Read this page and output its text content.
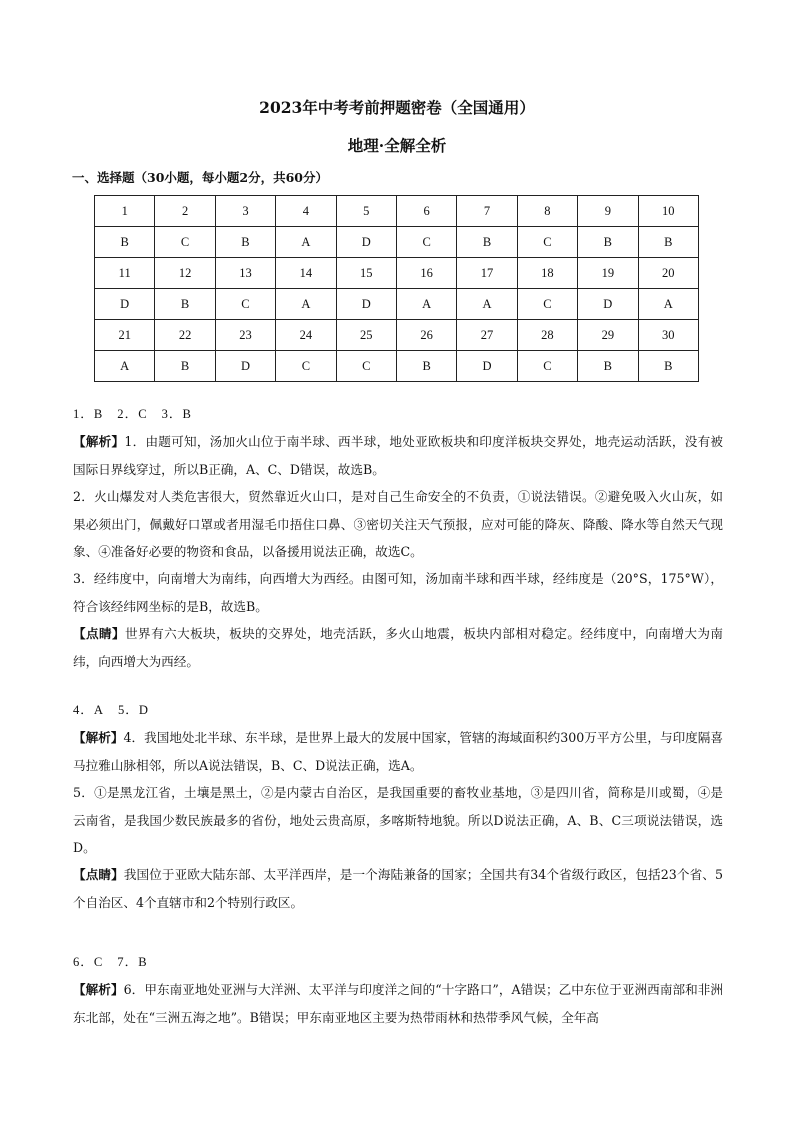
2023年中考考前押题密卷（全国通用）
地理·全解全析
一、选择题（30小题，每小题2分，共60分）
1	2	3	4	5	6	7	8	9	10
B	C	B	A	D	C	B	C	B	B
11	12	13	14	15	16	17	18	19	20
D	B	C	A	D	A	A	C	D	A
21	22	23	24	25	26	27	28	29	30
A	B	D	C	C	B	D	C	B	B

1．B 2．C 3．B

【解析】1．由题可知，汤加火山位于南半球、西半球，地处亚欧板块和印度洋板块交界处，地壳运动活跃，没有被国际日界线穿过，所以B正确，A、C、D错误，故选B。

2．火山爆发对人类危害很大，贸然靠近火山口，是对自己生命安全的不负责，①说法错误。②避免吸入火山灰，如果必须出门，佩戴好口罩或者用湿毛巾捂住口鼻、③密切关注天气预报，应对可能的降灰、降酸、降水等自然天气现象、④准备好必要的物资和食品，以备援用说法正确，故选C。

3．经纬度中，向南增大为南纬，向西增大为西经。由图可知，汤加南半球和西半球，经纬度是（20°S，175°W），符合该经纬网坐标的是B，故选B。

【点睛】世界有六大板块，板块的交界处，地壳活跃，多火山地震，板块内部相对稳定。经纬度中，向南增大为南纬，向西增大为西经。

4．A 5．D

【解析】4．我国地处北半球、东半球，是世界上最大的发展中国家，管辖的海域面积约300万平方公里，与印度隔喜马拉雅山脉相邻，所以A说法错误，B、C、D说法正确，选A。

5．①是黑龙江省，土壤是黑土，②是内蒙古自治区，是我国重要的畜牧业基地，③是四川省，简称是川或蜀，④是云南省，是我国少数民族最多的省份，地处云贵高原，多喀斯特地貌。所以D说法正确，A、B、C三项说法错误，选D。

【点睛】我国位于亚欧大陆东部、太平洋西岸，是一个海陆兼备的国家；全国共有34个省级行政区，包括23个省、5个自治区、4个直辖市和2个特别行政区。

6．C 7．B

【解析】6．甲东南亚地处亚洲与大洋洲、太平洋与印度洋之间的“十字路口”，A错误；乙中东位于亚洲西南部和非洲东北部，处在“三洲五海之地”。B错误；甲东南亚地区主要为热带雨林和热带季风气候，全年高
